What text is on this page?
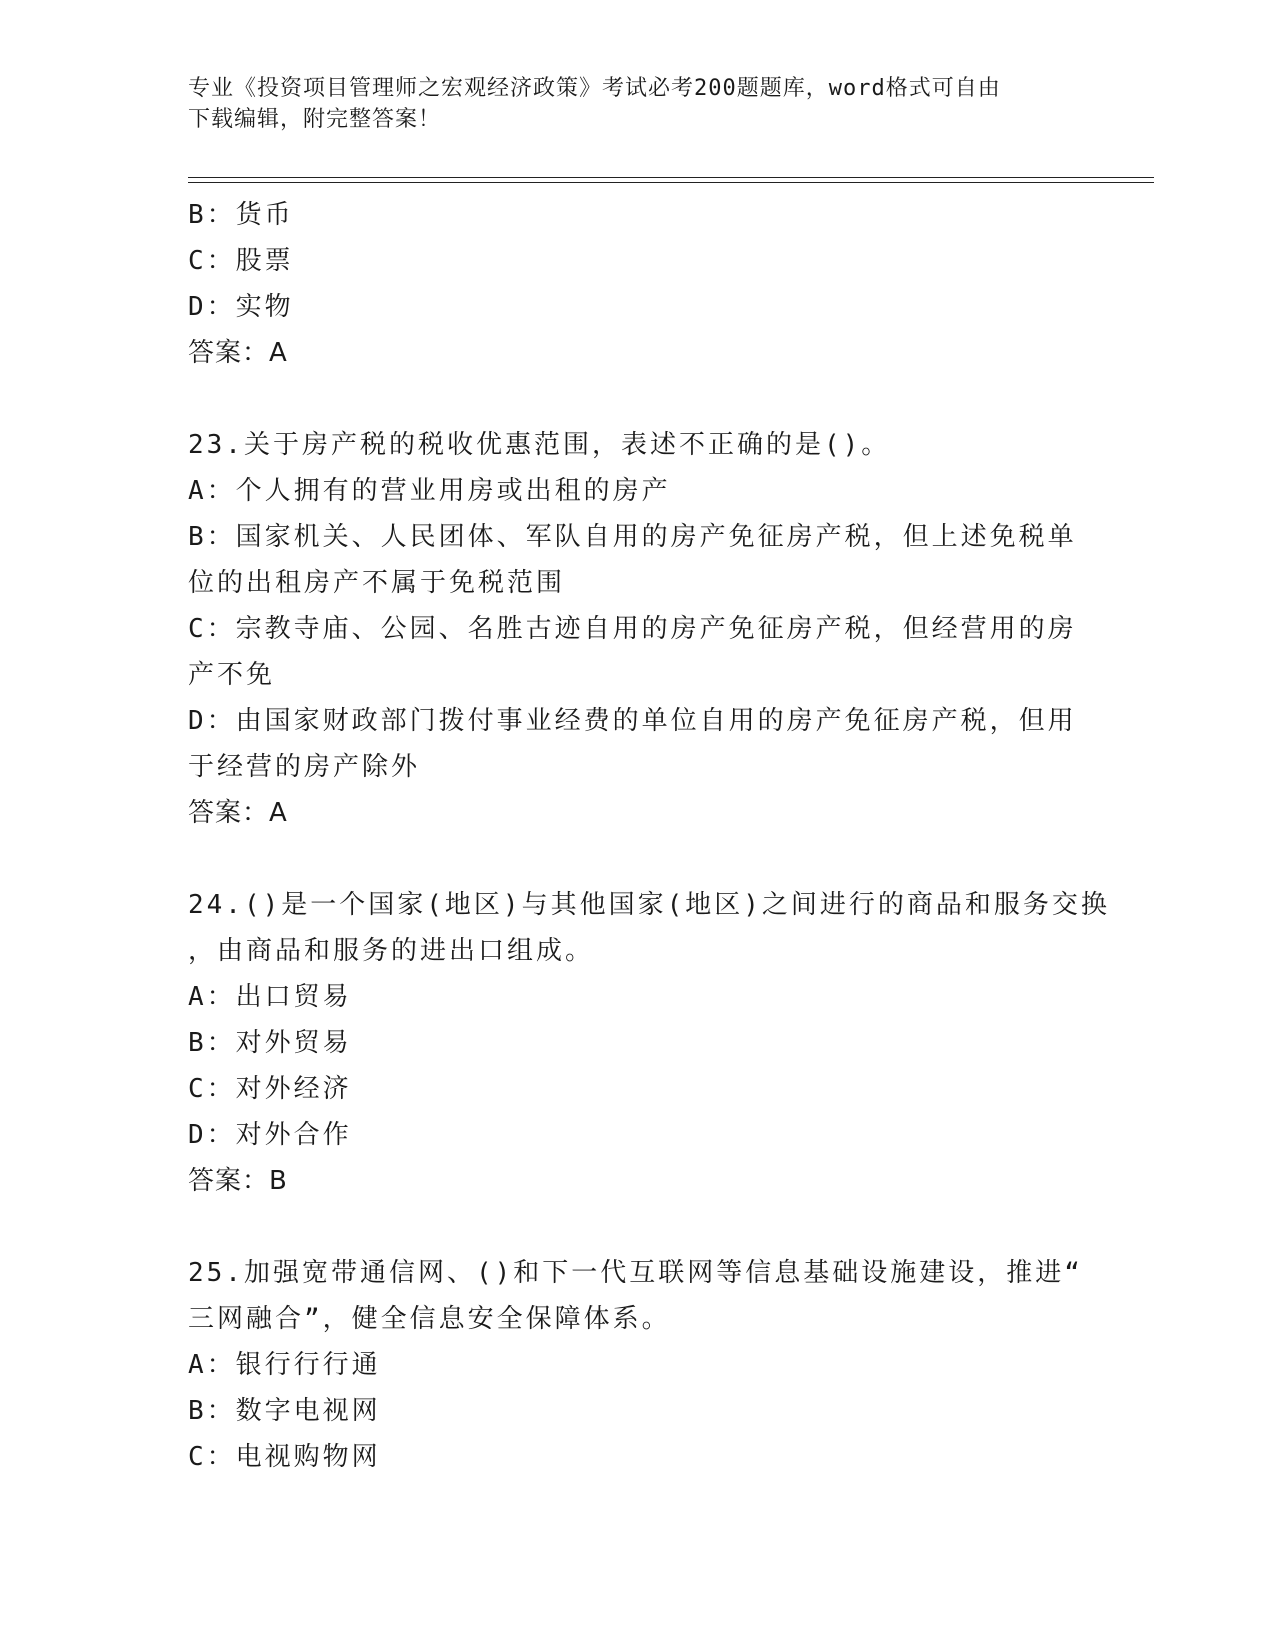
专业《投资项目管理师之宏观经济政策》考试必考200题题库，word格式可自由
下载编辑，附完整答案！
B：货币
C：股票
D：实物
答案：A
23.关于房产税的税收优惠范围，表述不正确的是()。
A：个人拥有的营业用房或出租的房产
B：国家机关、人民团体、军队自用的房产免征房产税，但上述免税单
位的出租房产不属于免税范围
C：宗教寺庙、公园、名胜古迹自用的房产免征房产税，但经营用的房
产不免
D：由国家财政部门拨付事业经费的单位自用的房产免征房产税，但用
于经营的房产除外
答案：A
24.()是一个国家(地区)与其他国家(地区)之间进行的商品和服务交换
，由商品和服务的进出口组成。
A：出口贸易
B：对外贸易
C：对外经济
D：对外合作
答案：B
25.加强宽带通信网、()和下一代互联网等信息基础设施建设，推进“
三网融合”，健全信息安全保障体系。
A：银行行行通
B：数字电视网
C：电视购物网
